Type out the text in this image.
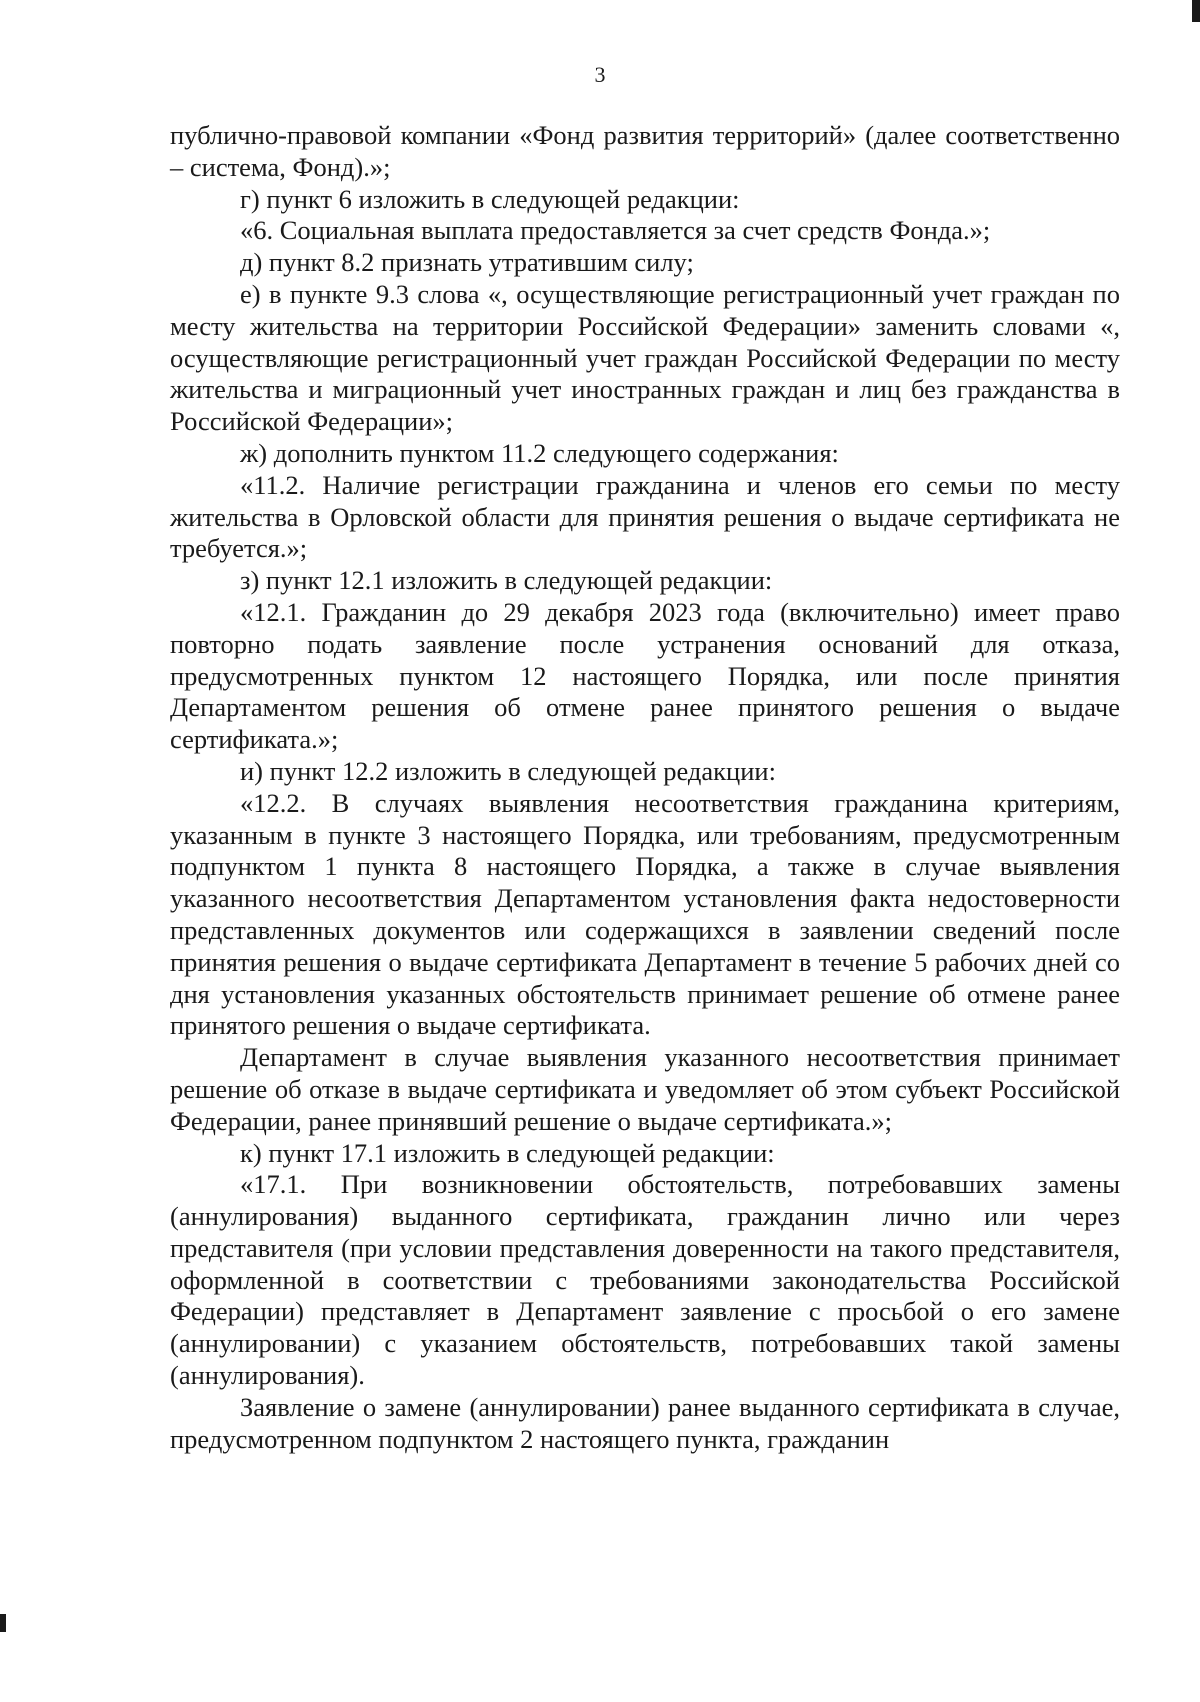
3

публично-правовой компании «Фонд развития территорий» (далее соответственно – система, Фонд).»;

г) пункт 6 изложить в следующей редакции:

«6. Социальная выплата предоставляется за счет средств Фонда.»;

д) пункт 8.2 признать утратившим силу;

е) в пункте 9.3 слова «, осуществляющие регистрационный учет граждан по месту жительства на территории Российской Федерации» заменить словами «, осуществляющие регистрационный учет граждан Российской Федерации по месту жительства и миграционный учет иностранных граждан и лиц без гражданства в Российской Федерации»;

ж) дополнить пунктом 11.2 следующего содержания:

«11.2. Наличие регистрации гражданина и членов его семьи по месту жительства в Орловской области для принятия решения о выдаче сертификата не требуется.»;

з) пункт 12.1 изложить в следующей редакции:

«12.1. Гражданин до 29 декабря 2023 года (включительно) имеет право повторно подать заявление после устранения оснований для отказа, предусмотренных пунктом 12 настоящего Порядка, или после принятия Департаментом решения об отмене ранее принятого решения о выдаче сертификата.»;

и) пункт 12.2 изложить в следующей редакции:

«12.2. В случаях выявления несоответствия гражданина критериям, указанным в пункте 3 настоящего Порядка, или требованиям, предусмотренным подпунктом 1 пункта 8 настоящего Порядка, а также в случае выявления указанного несоответствия Департаментом установления факта недостоверности представленных документов или содержащихся в заявлении сведений после принятия решения о выдаче сертификата Департамент в течение 5 рабочих дней со дня установления указанных обстоятельств принимает решение об отмене ранее принятого решения о выдаче сертификата.

Департамент в случае выявления указанного несоответствия принимает решение об отказе в выдаче сертификата и уведомляет об этом субъект Российской Федерации, ранее принявший решение о выдаче сертификата.»;

к) пункт 17.1 изложить в следующей редакции:

«17.1. При возникновении обстоятельств, потребовавших замены (аннулирования) выданного сертификата, гражданин лично или через представителя (при условии представления доверенности на такого представителя, оформленной в соответствии с требованиями законодательства Российской Федерации) представляет в Департамент заявление с просьбой о его замене (аннулировании) с указанием обстоятельств, потребовавших такой замены (аннулирования).

Заявление о замене (аннулировании) ранее выданного сертификата в случае, предусмотренном подпунктом 2 настоящего пункта, гражданин
